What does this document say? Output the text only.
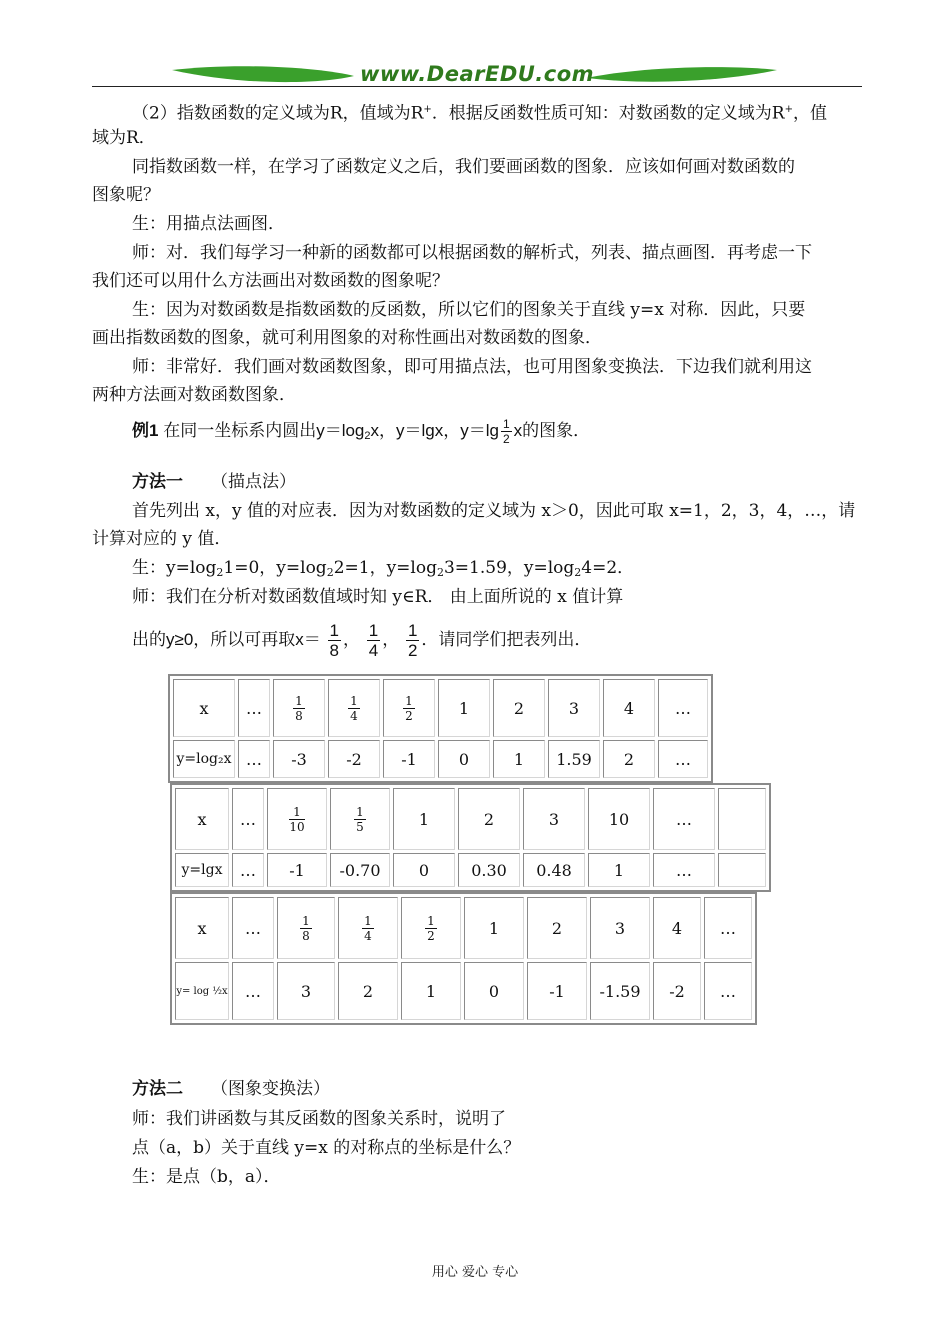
www.DearEDU.com
（2）指数函数的定义域为R，值域为R+．根据反函数性质可知：对数函数的定义域为R+，值
域为R．
同指数函数一样，在学习了函数定义之后，我们要画函数的图象．应该如何画对数函数的
图象呢？
生：用描点法画图．
师：对．我们每学习一种新的函数都可以根据函数的解析式，列表、描点画图．再考虑一下
我们还可以用什么方法画出对数函数的图象呢？
生：因为对数函数是指数函数的反函数，所以它们的图象关于直线 y=x 对称．因此，只要
画出指数函数的图象，就可利用图象的对称性画出对数函数的图象．
师：非常好．我们画对数函数图象，即可用描点法，也可用图象变换法．下边我们就利用这
两种方法画对数函数图象．
例1 在同一坐标系内圆出$y=\log_2x$，y＝lgx，$y=\lg \frac{1}{2}$ x的图象．
方法一 （描点法）
首先列出 x，y 值的对应表．因为对数函数的定义域为 x＞0，因此可取 x=1，2，3，4，…，请
计算对应的 y 值．
生：$y=\log_21=0$，$y=\log_22=1$，$y=\log_23=1.59$，$y=\log_24=2$．
师：我们在分析对数函数值域时知 y∈R． 由上面所说的 x 值计算
出的y≥0，所以可再取$x= \frac{1}{8}$ ， $\frac{1}{4}$ ， $\frac{1}{2}$ ．请同学们把表列出．
x	…	$\frac{1}{8}$	$\frac{1}{4}$	$\frac{1}{2}$	1	2	3	4	…
y=log₂x	…	-3	-2	-1	0	1	1.59	2	…
x	…	$\frac{1}{10}$	$\frac{1}{5}$	1	2	3	10	…	
y=lgx	…	-1	-0.70	0	0.30	0.48	1	…	
x	…	$\frac{1}{8}$	$\frac{1}{4}$	$\frac{1}{2}$	1	2	3	4	…
y= log ½x	…	3	2	1	0	-1	-1.59	-2	…
方法二 （图象变换法）
师：我们讲函数与其反函数的图象关系时，说明了
点（a，b）关于直线 y=x 的对称点的坐标是什么？
生：是点（b，a）．
用心 爱心 专心
